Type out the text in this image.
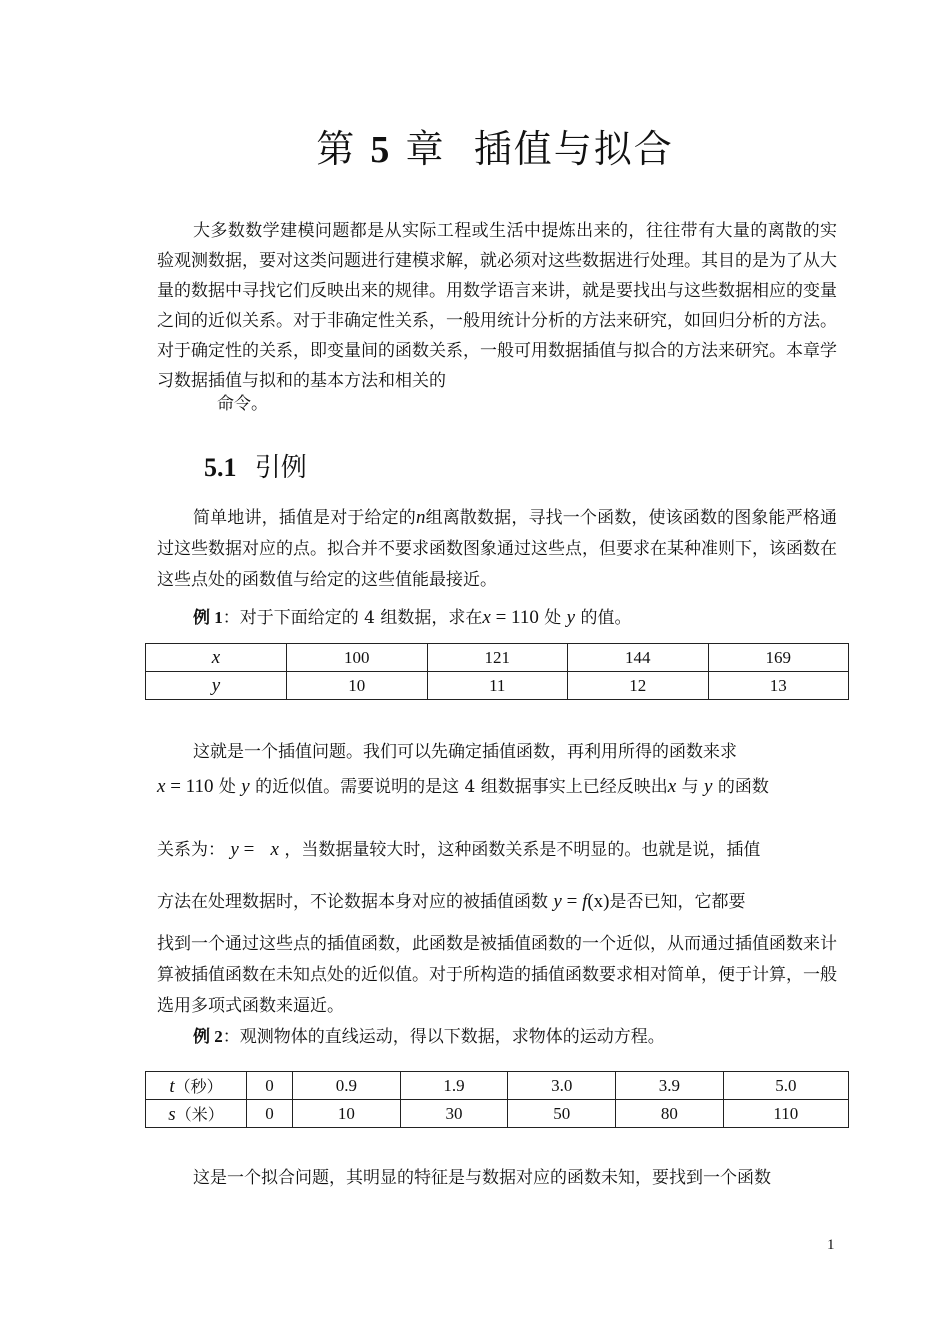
第 5 章 插值与拟合
大多数数学建模问题都是从实际工程或生活中提炼出来的，往往带有大量的离散的实验观测数据，要对这类问题进行建模求解，就必须对这些数据进行处理。其目的是为了从大量的数据中寻找它们反映出来的规律。用数学语言来讲，就是要找出与这些数据相应的变量之间的近似关系。对于非确定性关系，一般用统计分析的方法来研究，如回归分析的方法。对于确定性的关系，即变量间的函数关系，一般可用数据插值与拟合的方法来研究。本章学习数据插值与拟和的基本方法和相关的
命令。
5.1 引例
简单地讲，插值是对于给定的n组离散数据，寻找一个函数，使该函数的图象能严格通过这些数据对应的点。拟合并不要求函数图象通过这些点，但要求在某种准则下，该函数在这些点处的函数值与给定的这些值能最接近。
例 1：对于下面给定的 4 组数据，求在x = 110 处 y 的值。
x	100	121	144	169
y	10	11	12	13
这就是一个插值问题。我们可以先确定插值函数，再利用所得的函数来求
x = 110 处 y 的近似值。需要说明的是这 4 组数据事实上已经反映出x 与 y 的函数
关系为： y = x ，当数据量较大时，这种函数关系是不明显的。也就是说，插值
方法在处理数据时，不论数据本身对应的被插值函数 y = f(x)是否已知，它都要
找到一个通过这些点的插值函数，此函数是被插值函数的一个近似，从而通过插值函数来计算被插值函数在未知点处的近似值。对于所构造的插值函数要求相对简单，便于计算，一般选用多项式函数来逼近。
例 2：观测物体的直线运动，得以下数据，求物体的运动方程。
t（秒）	0	0.9	1.9	3.0	3.9	5.0
s（米）	0	10	30	50	80	110
这是一个拟合问题，其明显的特征是与数据对应的函数未知，要找到一个函数
1
